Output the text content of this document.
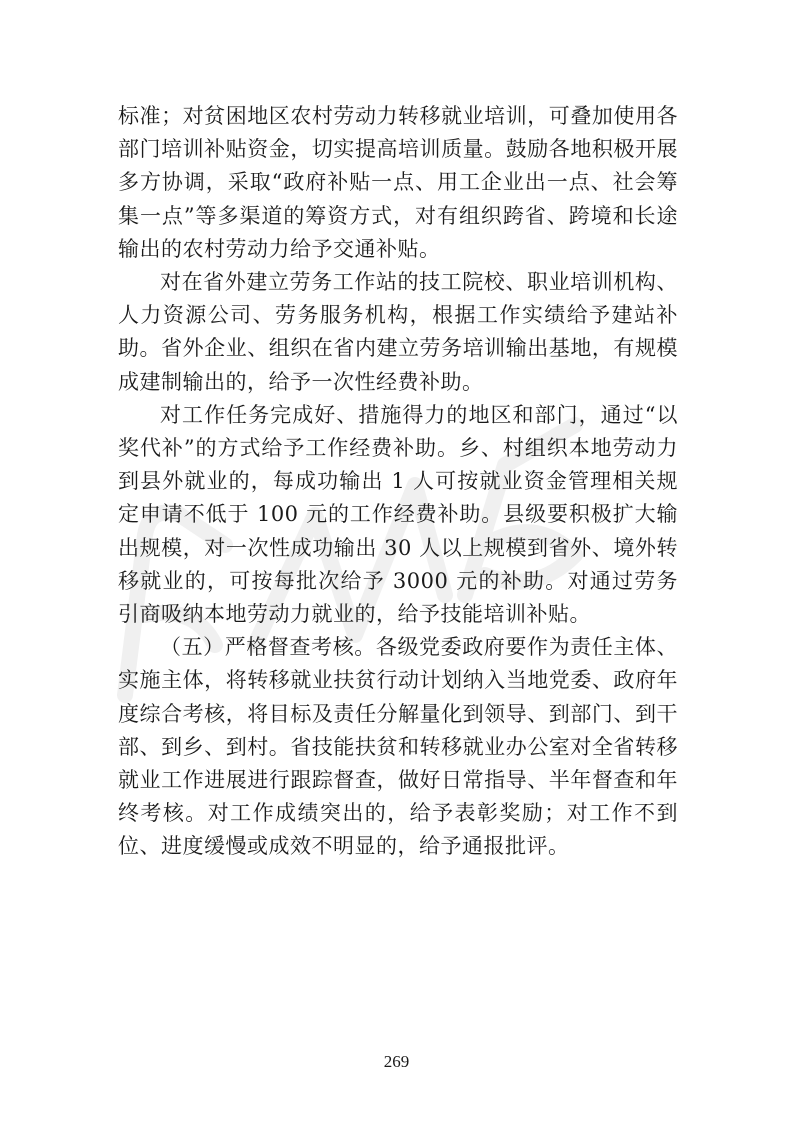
标准；对贫困地区农村劳动力转移就业培训，可叠加使用各部门培训补贴资金，切实提高培训质量。鼓励各地积极开展多方协调，采取“政府补贴一点、用工企业出一点、社会筹集一点”等多渠道的筹资方式，对有组织跨省、跨境和长途输出的农村劳动力给予交通补贴。

对在省外建立劳务工作站的技工院校、职业培训机构、人力资源公司、劳务服务机构，根据工作实绩给予建站补助。省外企业、组织在省内建立劳务培训输出基地，有规模成建制输出的，给予一次性经费补助。

对工作任务完成好、措施得力的地区和部门，通过“以奖代补”的方式给予工作经费补助。乡、村组织本地劳动力到县外就业的，每成功输出 1 人可按就业资金管理相关规定申请不低于 100 元的工作经费补助。县级要积极扩大输出规模，对一次性成功输出 30 人以上规模到省外、境外转移就业的，可按每批次给予 3000 元的补助。对通过劳务引商吸纳本地劳动力就业的，给予技能培训补贴。

（五）严格督查考核。各级党委政府要作为责任主体、实施主体，将转移就业扶贫行动计划纳入当地党委、政府年度综合考核，将目标及责任分解量化到领导、到部门、到干部、到乡、到村。省技能扶贫和转移就业办公室对全省转移就业工作进展进行跟踪督查，做好日常指导、半年督查和年终考核。对工作成绩突出的，给予表彰奖励；对工作不到位、进度缓慢或成效不明显的，给予通报批评。

269
